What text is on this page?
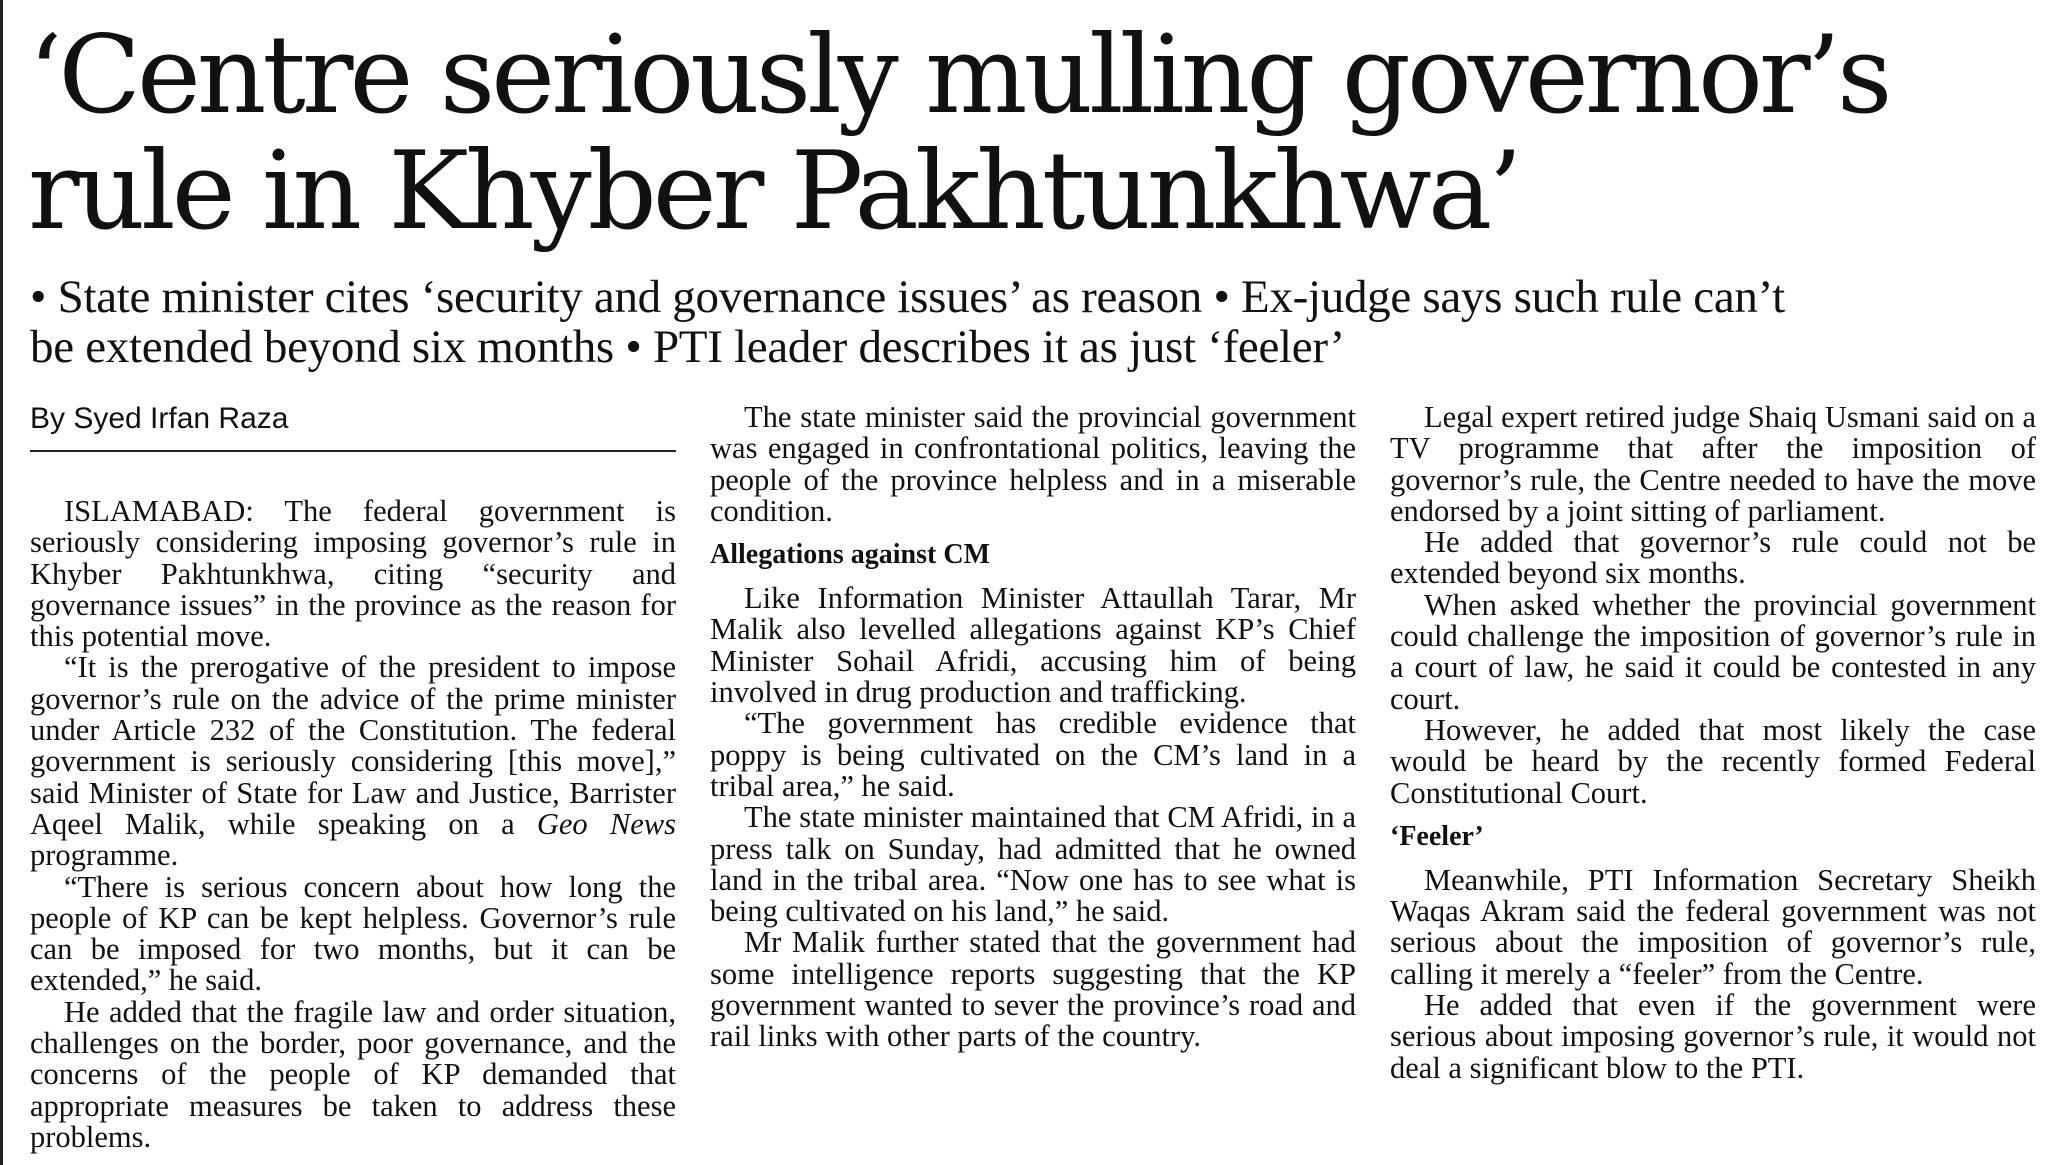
‘Centre seriously mulling governor’s
rule in Khyber Pakhtunkhwa’
• State minister cites ‘security and governance issues’ as reason • Ex-judge says such rule can’t
be extended beyond six months • PTI leader describes it as just ‘feeler’
By Syed Irfan Raza

ISLAMABAD: The federal government is seriously considering imposing governor’s rule in Khyber Pakhtunkhwa, citing “security and governance issues” in the province as the reason for this potential move.

“It is the prerogative of the president to impose governor’s rule on the advice of the prime minister under Article 232 of the Constitution. The federal government is seriously considering [this move],” said Minister of State for Law and Justice, Barrister Aqeel Malik, while speaking on a Geo News programme.

“There is serious concern about how long the people of KP can be kept helpless. Governor’s rule can be imposed for two months, but it can be extended,” he said.

He added that the fragile law and order situation, challenges on the border, poor governance, and the concerns of the people of KP demanded that appropriate measures be taken to address these problems.

The state minister said the provincial government was engaged in confrontational politics, leaving the people of the province helpless and in a miserable condition.

Allegations against CM

Like Information Minister Attaullah Tarar, Mr Malik also levelled allegations against KP’s Chief Minister Sohail Afridi, accusing him of being involved in drug production and trafficking.

“The government has credible evidence that poppy is being cultivated on the CM’s land in a tribal area,” he said.

The state minister maintained that CM Afridi, in a press talk on Sunday, had admitted that he owned land in the tribal area. “Now one has to see what is being cultivated on his land,” he said.

Mr Malik further stated that the government had some intelligence reports suggesting that the KP government wanted to sever the province’s road and rail links with other parts of the country.

Legal expert retired judge Shaiq Usmani said on a TV programme that after the imposition of governor’s rule, the Centre needed to have the move endorsed by a joint sitting of parliament.

He added that governor’s rule could not be extended beyond six months.

When asked whether the provincial government could challenge the imposition of governor’s rule in a court of law, he said it could be contested in any court.

However, he added that most likely the case would be heard by the recently formed Federal Constitutional Court.

‘Feeler’

Meanwhile, PTI Information Secretary Sheikh Waqas Akram said the federal government was not serious about the imposition of governor’s rule, calling it merely a “feeler” from the Centre.

He added that even if the government were serious about imposing governor’s rule, it would not deal a significant blow to the PTI.
